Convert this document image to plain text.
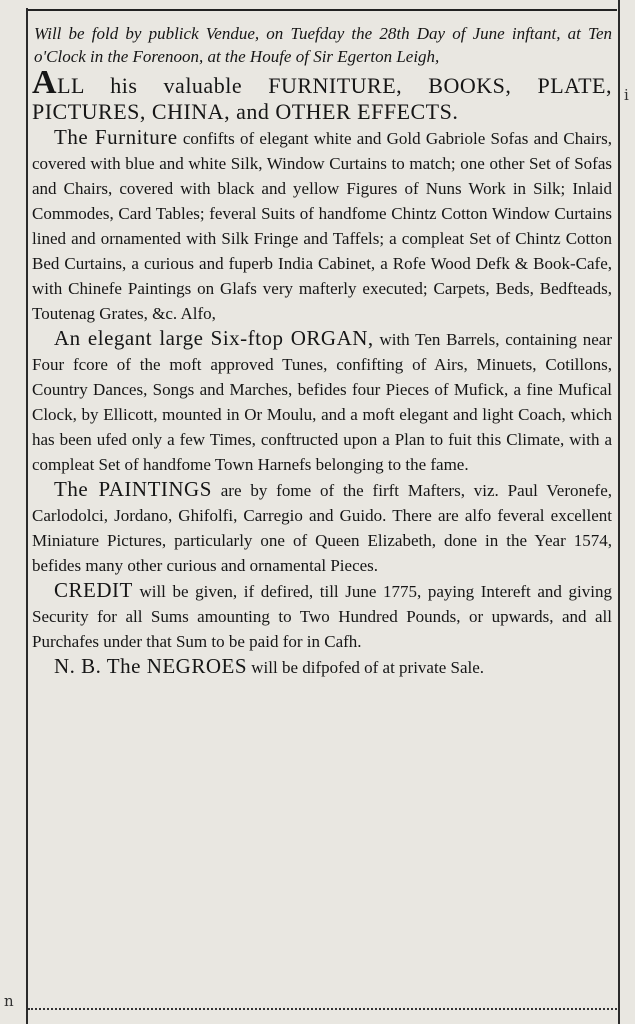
i
n

Will be fold by publick Vendue, on Tuefday the 28th Day of June inftant, at Ten o'Clock in the Forenoon, at the Houfe of Sir Egerton Leigh,

ALL his valuable FURNITURE, BOOKS, PLATE, PICTURES, CHINA, and OTHER EFFECTS.

The Furniture confifts of elegant white and Gold Gabriole Sofas and Chairs, covered with blue and white Silk, Window Curtains to match; one other Set of Sofas and Chairs, covered with black and yellow Figures of Nuns Work in Silk; Inlaid Commodes, Card Tables; feveral Suits of handfome Chintz Cotton Window Curtains lined and ornamented with Silk Fringe and Taffels; a compleat Set of Chintz Cotton Bed Curtains, a curious and fuperb India Cabinet, a Rofe Wood Defk & Book-Cafe, with Chinefe Paintings on Glafs very mafterly executed; Carpets, Beds, Bedfteads, Toutenag Grates, &c. Alfo,

An elegant large Six-ftop ORGAN, with Ten Barrels, containing near Four fcore of the moft approved Tunes, confifting of Airs, Minuets, Cotillons, Country Dances, Songs and Marches, befides four Pieces of Mufick, a fine Mufical Clock, by Ellicott, mounted in Or Moulu, and a moft elegant and light Coach, which has been ufed only a few Times, conftructed upon a Plan to fuit this Climate, with a compleat Set of handfome Town Harnefs belonging to the fame.

The PAINTINGS are by fome of the firft Mafters, viz. Paul Veronefe, Carlodolci, Jordano, Ghifolfi, Carregio and Guido. There are alfo feveral excellent Miniature Pictures, particularly one of Queen Elizabeth, done in the Year 1574, befides many other curious and ornamental Pieces.

CREDIT will be given, if defired, till June 1775, paying Intereft and giving Security for all Sums amounting to Two Hundred Pounds, or upwards, and all Purchafes under that Sum to be paid for in Cafh.

N. B. The NEGROES will be difpofed of at private Sale.
